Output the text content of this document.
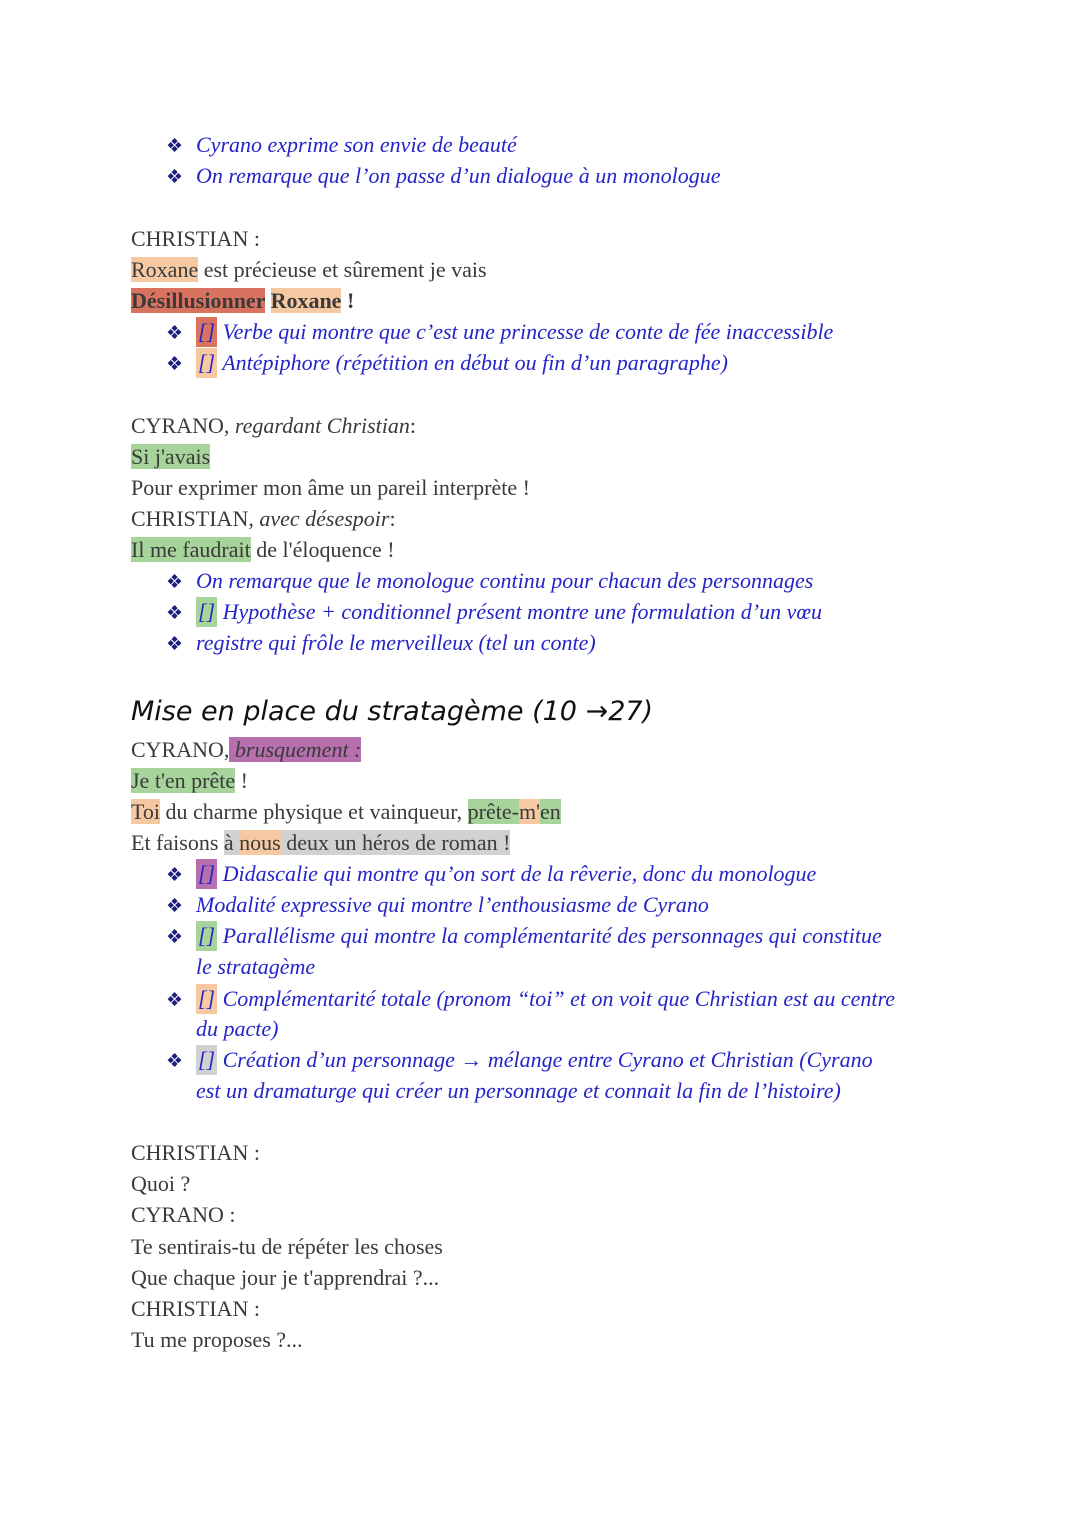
❖ Cyrano exprime son envie de beauté
❖ On remarque que l’on passe d’un dialogue à un monologue
CHRISTIAN :
Roxane est précieuse et sûrement je vais
Désillusionner Roxane !
❖ [] Verbe qui montre que c’est une princesse de conte de fée inaccessible
❖ [] Antépiphore (répétition en début ou fin d’un paragraphe)
CYRANO, regardant Christian:
Si j'avais
Pour exprimer mon âme un pareil interprète !
CHRISTIAN, avec désespoir:
Il me faudrait de l'éloquence !
❖ On remarque que le monologue continu pour chacun des personnages
❖ [] Hypothèse + conditionnel présent montre une formulation d’un vœu
❖ registre qui frôle le merveilleux (tel un conte)
Mise en place du stratagème (10 →27)
CYRANO, brusquement :
Je t'en prête !
Toi du charme physique et vainqueur, prête-m'en
Et faisons à nous deux un héros de roman !
❖ [] Didascalie qui montre qu’on sort de la rêverie, donc du monologue
❖ Modalité expressive qui montre l’enthousiasme de Cyrano
❖ [] Parallélisme qui montre la complémentarité des personnages qui constitue
le stratagème
❖ [] Complémentarité totale (pronom “toi” et on voit que Christian est au centre
du pacte)
❖ [] Création d’un personnage → mélange entre Cyrano et Christian (Cyrano
est un dramaturge qui créer un personnage et connait la fin de l’histoire)
CHRISTIAN :
Quoi ?
CYRANO :
Te sentirais-tu de répéter les choses
Que chaque jour je t'apprendrai ?...
CHRISTIAN :
Tu me proposes ?...
